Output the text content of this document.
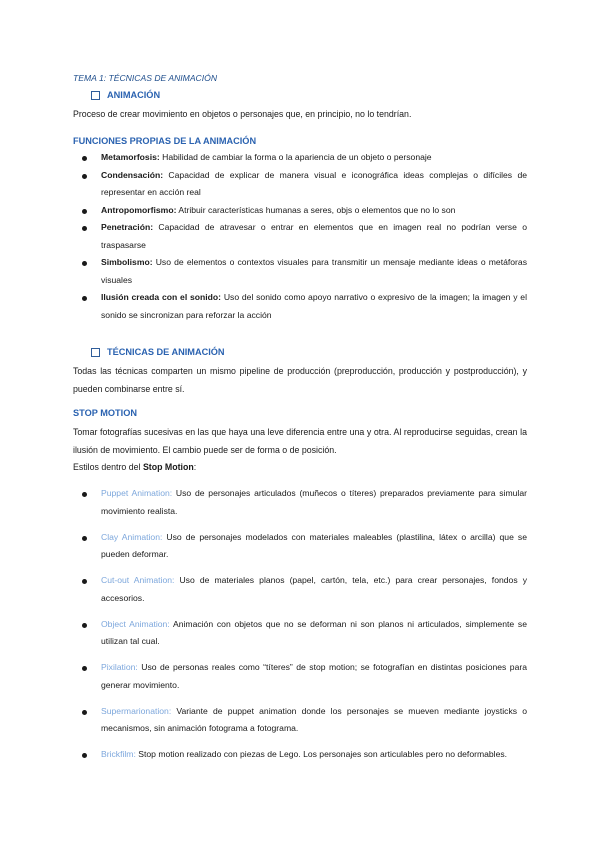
TEMA 1: TÉCNICAS DE ANIMACIÓN
ANIMACIÓN
Proceso de crear movimiento en objetos o personajes que, en principio, no lo tendrían.
FUNCIONES PROPIAS DE LA ANIMACIÓN
Metamorfosis: Habilidad de cambiar la forma o la apariencia de un objeto o personaje
Condensación: Capacidad de explicar de manera visual e iconográfica ideas complejas o difíciles de representar en acción real
Antropomorfismo: Atribuir características humanas a seres, objs o elementos que no lo son
Penetración: Capacidad de atravesar o entrar en elementos que en imagen real no podrían verse o traspasarse
Simbolismo: Uso de elementos o contextos visuales para transmitir un mensaje mediante ideas o metáforas visuales
Ilusión creada con el sonido: Uso del sonido como apoyo narrativo o expresivo de la imagen; la imagen y el sonido se sincronizan para reforzar la acción
TÉCNICAS DE ANIMACIÓN
Todas las técnicas comparten un mismo pipeline de producción (preproducción, producción y postproducción), y pueden combinarse entre sí.
STOP MOTION
Tomar fotografías sucesivas en las que haya una leve diferencia entre una y otra. Al reproducirse seguidas, crean la ilusión de movimiento. El cambio puede ser de forma o de posición.
Estilos dentro del Stop Motion:
Puppet Animation: Uso de personajes articulados (muñecos o títeres) preparados previamente para simular movimiento realista.
Clay Animation: Uso de personajes modelados con materiales maleables (plastilina, látex o arcilla) que se pueden deformar.
Cut-out Animation: Uso de materiales planos (papel, cartón, tela, etc.) para crear personajes, fondos y accesorios.
Object Animation: Animación con objetos que no se deforman ni son planos ni articulados, simplemente se utilizan tal cual.
Pixilation: Uso de personas reales como “títeres” de stop motion; se fotografían en distintas posiciones para generar movimiento.
Supermarionation: Variante de puppet animation donde los personajes se mueven mediante joysticks o mecanismos, sin animación fotograma a fotograma.
Brickfilm: Stop motion realizado con piezas de Lego. Los personajes son articulables pero no deformables.
